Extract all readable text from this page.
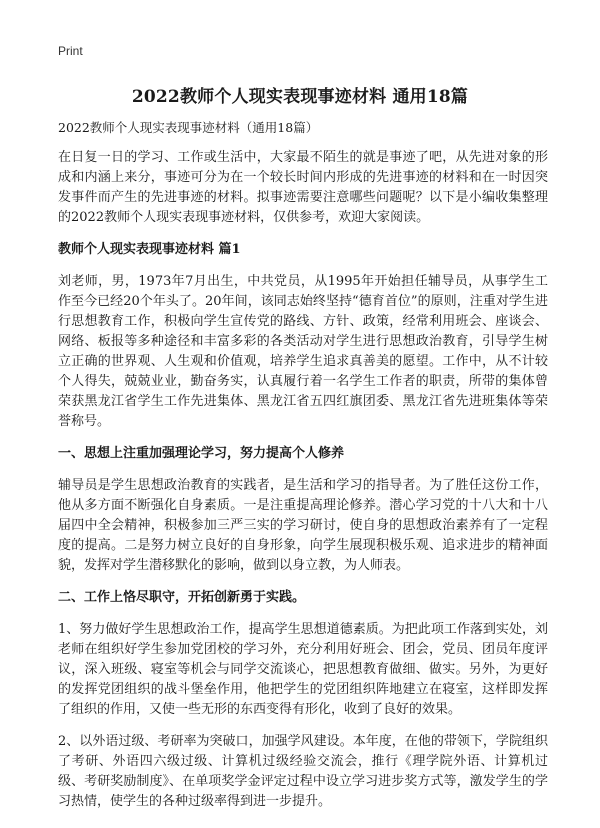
Print
2022教师个人现实表现事迹材料 通用18篇

2022教师个人现实表现事迹材料（通用18篇）

在日复一日的学习、工作或生活中，大家最不陌生的就是事迹了吧，从先进对象的形成和内涵上来分，事迹可分为在一个较长时间内形成的先进事迹的材料和在一时因突发事件而产生的先进事迹的材料。拟事迹需要注意哪些问题呢？以下是小编收集整理的2022教师个人现实表现事迹材料，仅供参考，欢迎大家阅读。

教师个人现实表现事迹材料 篇1

刘老师，男，1973年7月出生，中共党员，从1995年开始担任辅导员，从事学生工作至今已经20个年头了。20年间，该同志始终坚持“德育首位”的原则，注重对学生进行思想教育工作，积极向学生宣传党的路线、方针、政策，经常利用班会、座谈会、网络、板报等多种途径和丰富多彩的各类活动对学生进行思想政治教育，引导学生树立正确的世界观、人生观和价值观，培养学生追求真善美的愿望。工作中，从不计较个人得失，兢兢业业，勤奋务实，认真履行着一名学生工作者的职责，所带的集体曾荣获黑龙江省学生工作先进集体、黑龙江省五四红旗团委、黑龙江省先进班集体等荣誉称号。

一、思想上注重加强理论学习，努力提高个人修养

辅导员是学生思想政治教育的实践者，是生活和学习的指导者。为了胜任这份工作，他从多方面不断强化自身素质。一是注重提高理论修养。潜心学习党的十八大和十八届四中全会精神，积极参加三严三实的学习研讨，使自身的思想政治素养有了一定程度的提高。二是努力树立良好的自身形象，向学生展现积极乐观、追求进步的精神面貌，发挥对学生潜移默化的影响，做到以身立教，为人师表。

二、工作上恪尽职守，开拓创新勇于实践。

1、努力做好学生思想政治工作，提高学生思想道德素质。为把此项工作落到实处，刘老师在组织好学生参加党团校的学习外，充分利用好班会、团会，党员、团员年度评议，深入班级、寝室等机会与同学交流谈心，把思想教育做细、做实。另外，为更好的发挥党团组织的战斗堡垒作用，他把学生的党团组织阵地建立在寝室，这样即发挥了组织的作用，又使一些无形的东西变得有形化，收到了良好的效果。

2、以外语过级、考研率为突破口，加强学风建设。本年度，在他的带领下，学院组织了考研、外语四六级过级、计算机过级经验交流会，推行《理学院外语、计算机过级、考研奖励制度》、在单项奖学金评定过程中设立学习进步奖方式等，激发学生的学习热情，使学生的各种过级率得到进一步提升。
